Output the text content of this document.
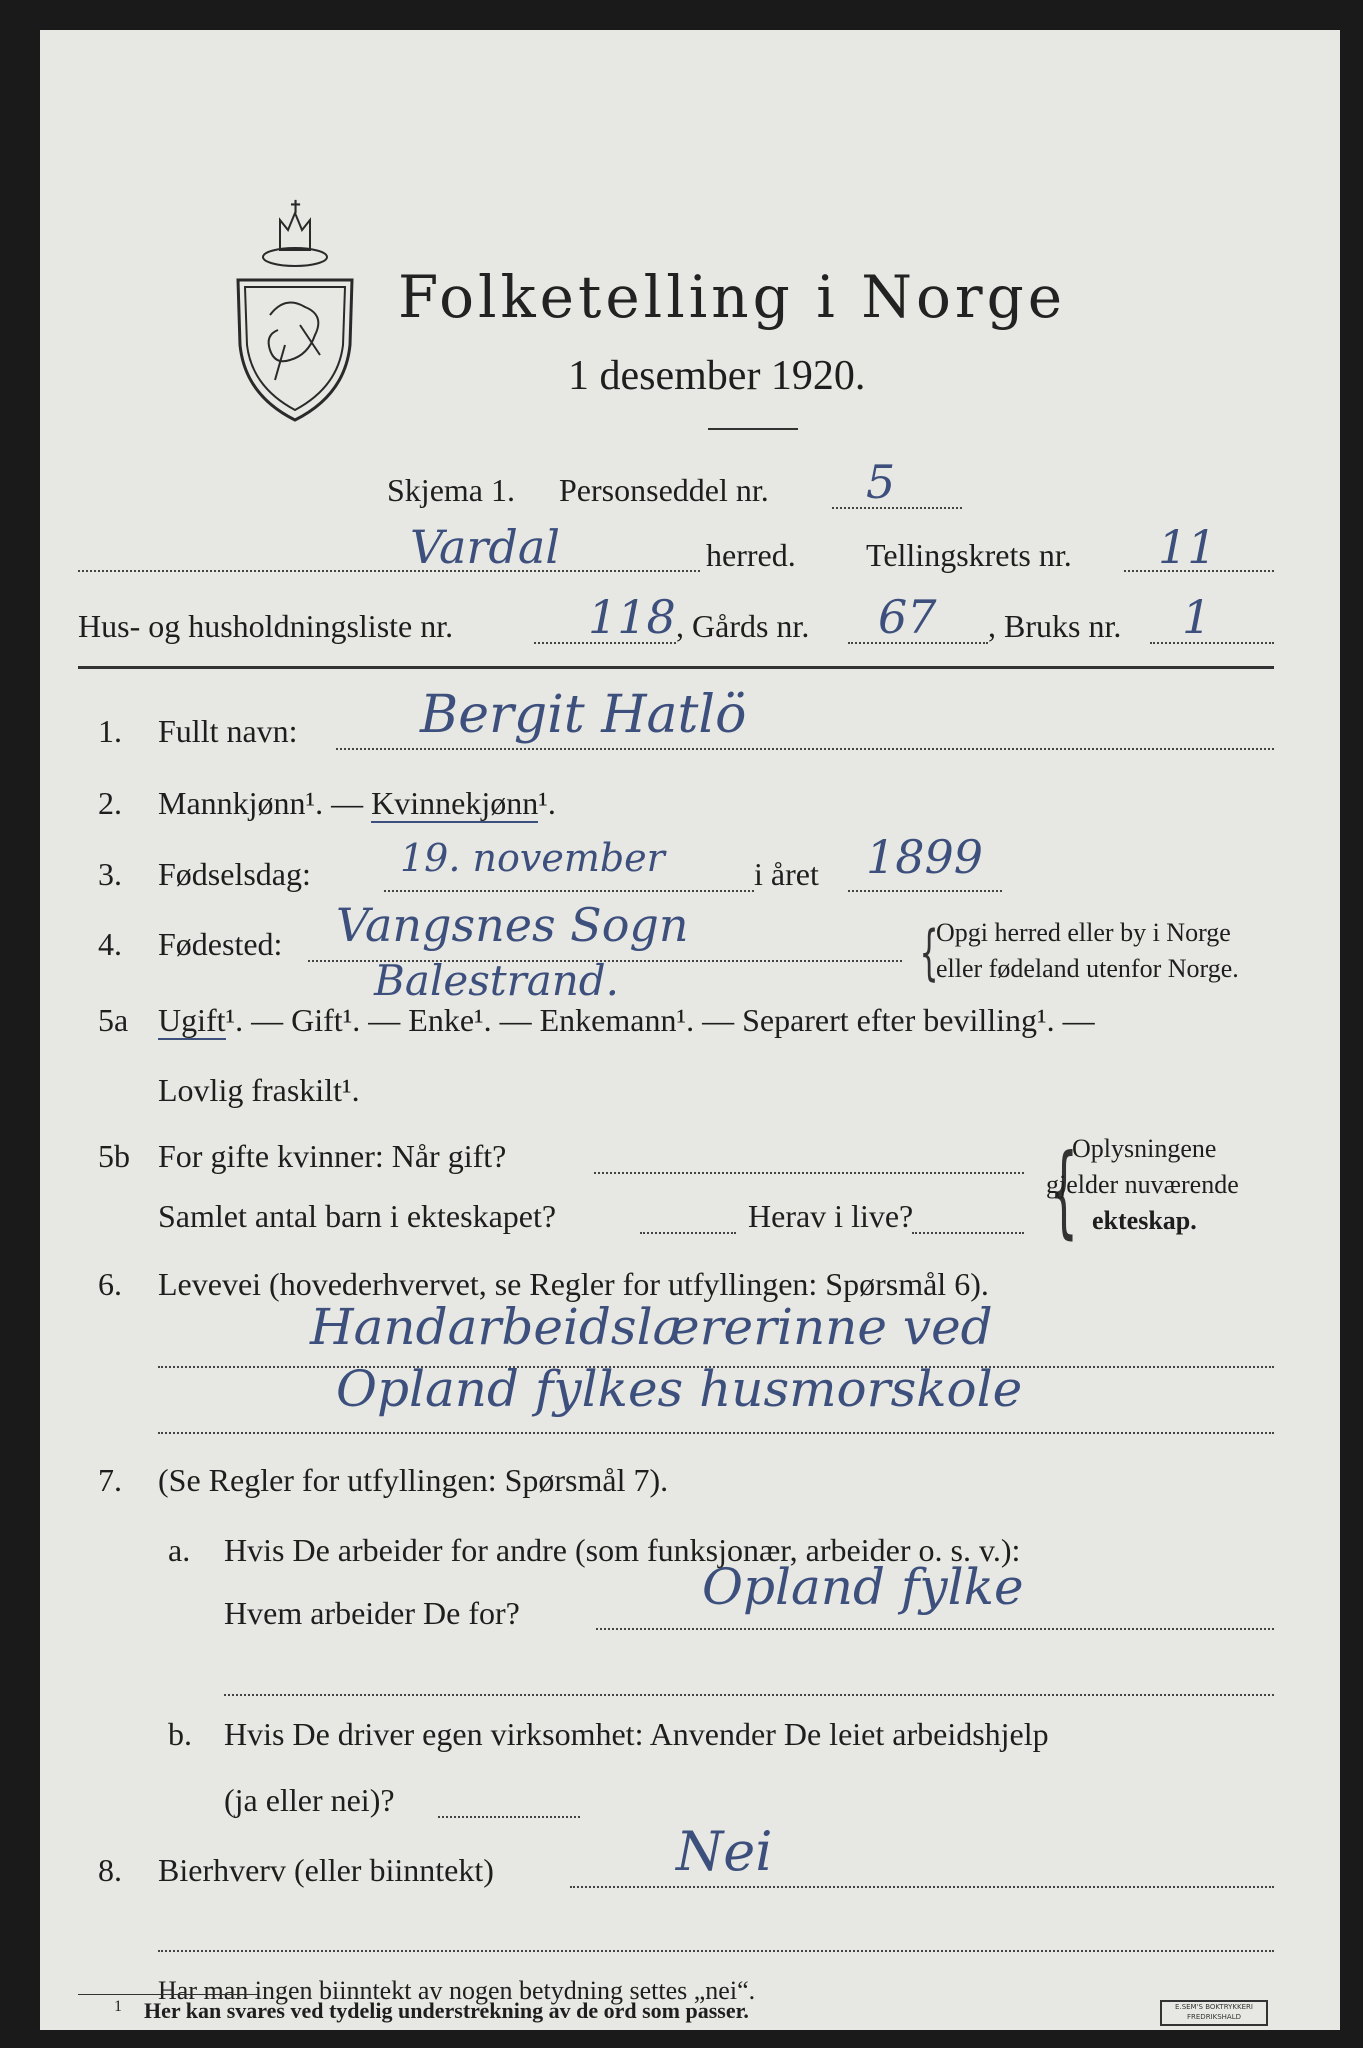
✝
Folketelling i Norge
1 desember 1920.
Skjema 1. Personseddel nr. 5
Vardal	herred. Tellingskrets nr. 11
Hus- og husholdningsliste nr.	118 , Gårds nr. 67 , Bruks nr. 1
1. Fullt navn: Bergit Hatlö
2. Mannkjønn¹. — Kvinnekjønn¹.
3. Fødselsdag: 19. november	i året 1899
4. Fødested: Vangsnes Sogn
Balestrand.	{
Opgi herred eller by i Norge
eller fødeland utenfor Norge.
5a Ugift¹. — Gift¹. — Enke¹. — Enkemann¹. — Separert efter bevilling¹. —
Lovlig fraskilt¹.
5b For gifte kvinner: Når gift?
Samlet antal barn i ekteskapet?	Herav i live? {
Oplysningene
gjelder nuværende
ekteskap.
6. Levevei (hovederhvervet, se Regler for utfyllingen: Spørsmål 6).
Handarbeidslærerinne ved
Opland fylkes husmorskole
7. (Se Regler for utfyllingen: Spørsmål 7).
a. Hvis De arbeider for andre (som funksjonær, arbeider o. s. v.):
Hvem arbeider De for?	Opland fylke
b. Hvis De driver egen virksomhet: Anvender De leiet arbeidshjelp
(ja eller nei)?
8. Bierhverv (eller biinntekt)	Nei
Har man ingen biinntekt av nogen betydning settes „nei“.
1 Her kan svares ved tydelig understrekning av de ord som passer.	E.SEM'S BOKTRYKKERI FREDRIKSHALD
